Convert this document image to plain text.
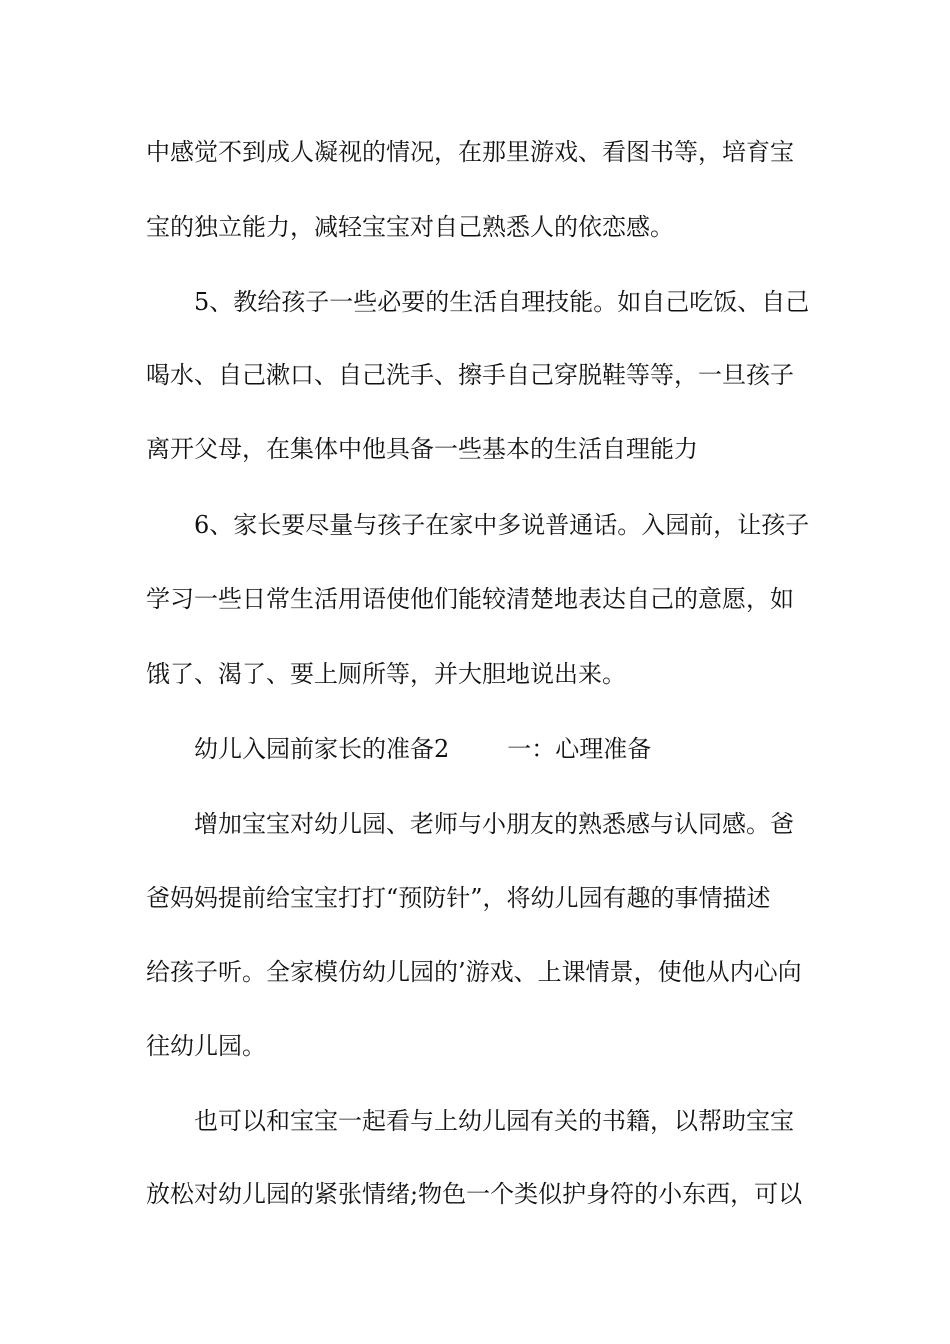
中感觉不到成人凝视的情况，在那里游戏、看图书等，培育宝
宝的独立能力，减轻宝宝对自己熟悉人的依恋感。
5、教给孩子一些必要的生活自理技能。如自己吃饭、自己
喝水、自己漱口、自己洗手、擦手自己穿脱鞋等等，一旦孩子
离开父母，在集体中他具备一些基本的生活自理能力
6、家长要尽量与孩子在家中多说普通话。入园前，让孩子
学习一些日常生活用语使他们能较清楚地表达自己的意愿，如
饿了、渴了、要上厕所等，并大胆地说出来。
幼儿入园前家长的准备2 一：心理准备
增加宝宝对幼儿园、老师与小朋友的熟悉感与认同感。爸
爸妈妈提前给宝宝打打“预防针”，将幼儿园有趣的事情描述
给孩子听。全家模仿幼儿园的’游戏、上课情景，使他从内心向
往幼儿园。
也可以和宝宝一起看与上幼儿园有关的书籍，以帮助宝宝
放松对幼儿园的紧张情绪;物色一个类似护身符的小东西，可以
